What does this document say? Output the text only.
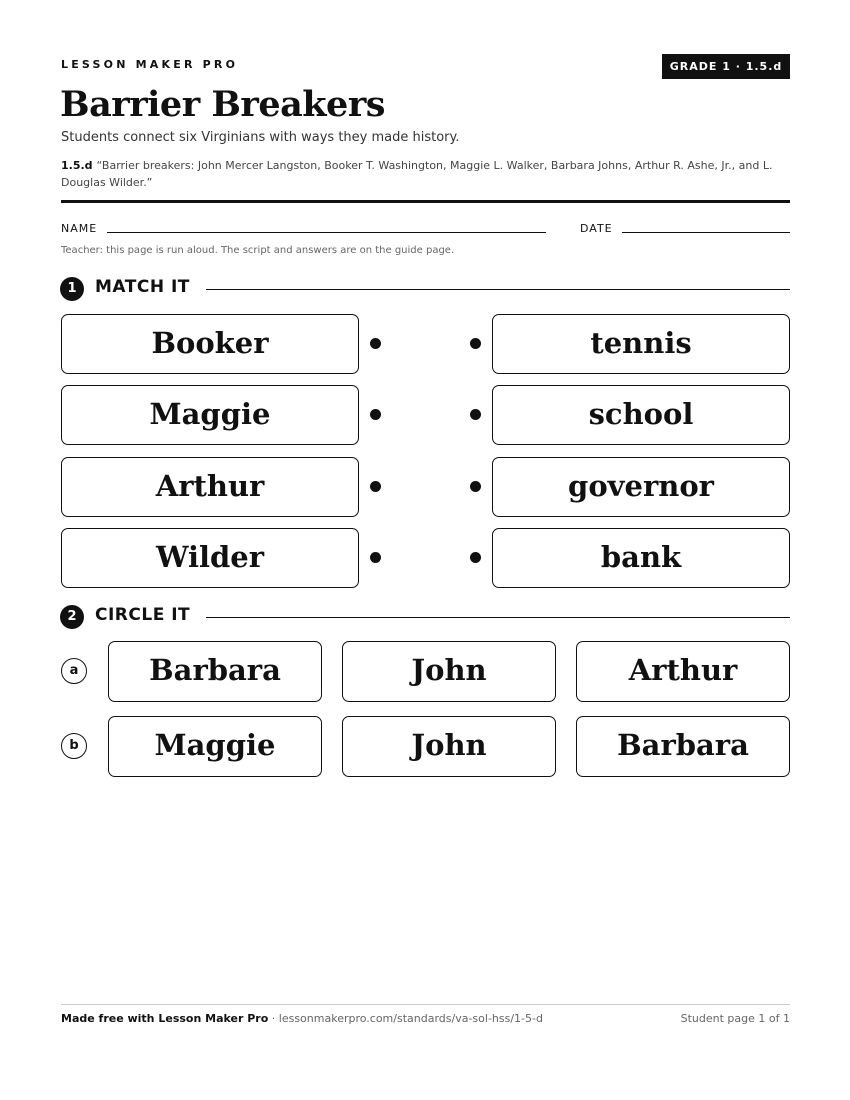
LESSON MAKER PRO	GRADE 1 · 1.5.d
Barrier Breakers
Students connect six Virginians with ways they made history.
1.5.d “Barrier breakers: John Mercer Langston, Booker T. Washington, Maggie L. Walker, Barbara Johns, Arthur R. Ashe, Jr., and L. Douglas Wilder.”
NAME	DATE
Teacher: this page is run aloud. The script and answers are on the guide page.
1	MATCH IT
Booker	tennis
Maggie	school
Arthur	governor
Wilder	bank
2	CIRCLE IT
a	Barbara	John	Arthur
b	Maggie	John	Barbara
Made free with Lesson Maker Pro · lessonmakerpro.com/standards/va-sol-hss/1-5-d	Student page 1 of 1
